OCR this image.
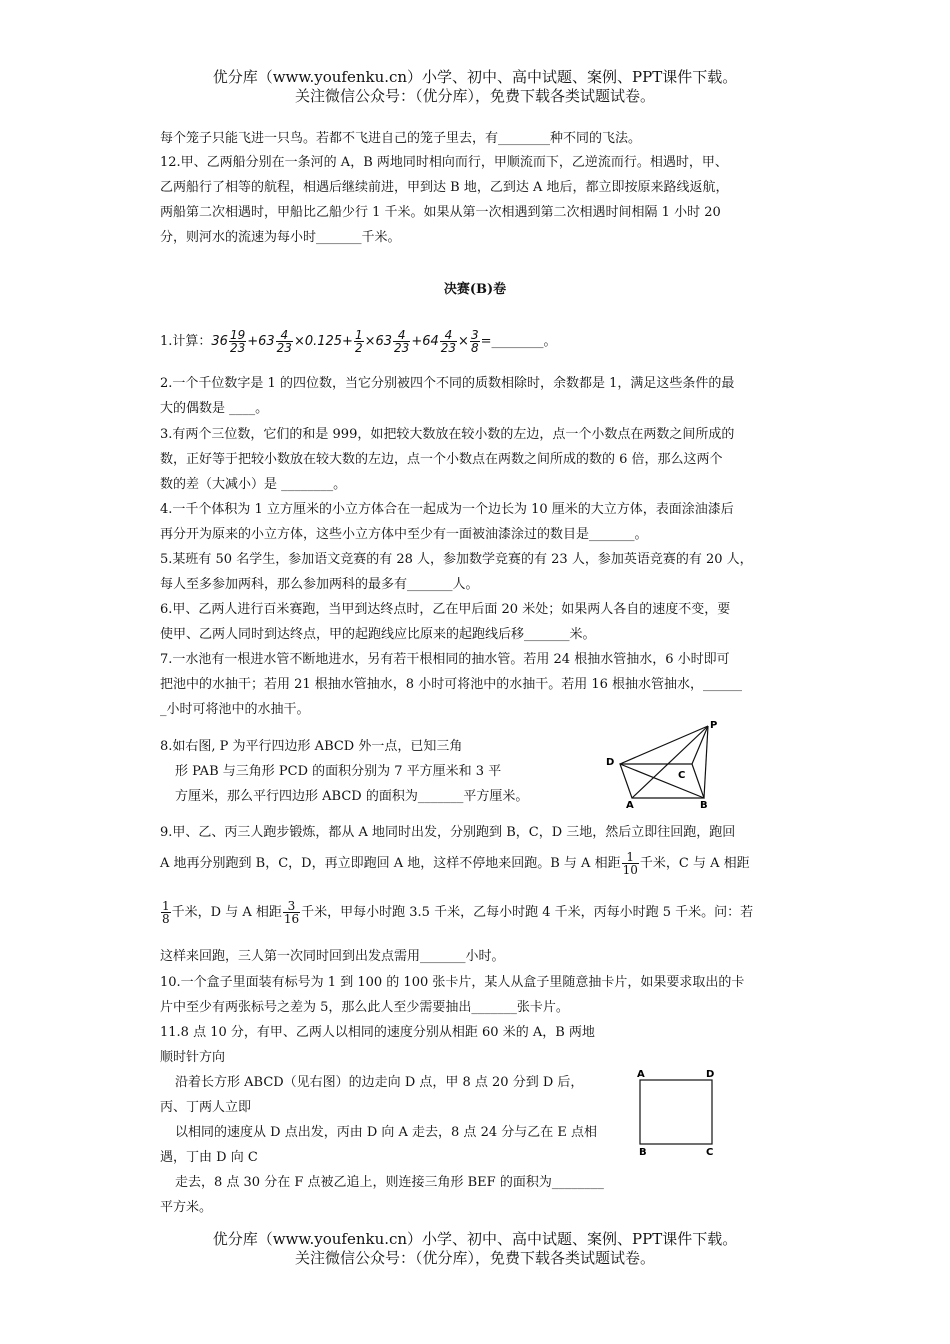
优分库（www.youfenku.cn）小学、初中、高中试题、案例、PPT课件下载。
关注微信公众号：（优分库），免费下载各类试题试卷。
每个笼子只能飞进一只鸟。若都不飞进自己的笼子里去，有________种不同的飞法。
12.甲、乙两船分别在一条河的 A，B 两地同时相向而行，甲顺流而下，乙逆流而行。相遇时，甲、
乙两船行了相等的航程，相遇后继续前进，甲到达 B 地，乙到达 A 地后，都立即按原来路线返航，
两船第二次相遇时，甲船比乙船少行 1 千米。如果从第一次相遇到第二次相遇时间相隔 1 小时 20
分，则河水的流速为每小时_______千米。
决赛(B)卷
1.计算：$36 \frac{19}{23} +63 \frac{4}{23} \times 0.125+ \frac{1}{2} \times 63 \frac{4}{23} +64 \frac{4}{23} \times \frac{3}{8}$ =________。
2.一个千位数字是 1 的四位数，当它分别被四个不同的质数相除时，余数都是 1，满足这些条件的最
大的偶数是 ____。
3.有两个三位数，它们的和是 999，如把较大数放在较小数的左边，点一个小数点在两数之间所成的
数，正好等于把较小数放在较大数的左边，点一个小数点在两数之间所成的数的 6 倍，那么这两个
数的差（大减小）是 ________。
4.一千个体积为 1 立方厘米的小立方体合在一起成为一个边长为 10 厘米的大立方体，表面涂油漆后
再分开为原来的小立方体，这些小立方体中至少有一面被油漆涂过的数目是_______。
5.某班有 50 名学生，参加语文竞赛的有 28 人，参加数学竞赛的有 23 人，参加英语竞赛的有 20 人，
每人至多参加两科，那么参加两科的最多有_______人。
6.甲、乙两人进行百米赛跑，当甲到达终点时，乙在甲后面 20 米处；如果两人各自的速度不变，要
使甲、乙两人同时到达终点，甲的起跑线应比原来的起跑线后移_______米。
7.一水池有一根进水管不断地进水，另有若干根相同的抽水管。若用 24 根抽水管抽水，6 小时即可
把池中的水抽干；若用 21 根抽水管抽水，8 小时可将池中的水抽干。若用 16 根抽水管抽水，______
_小时可将池中的水抽干。
8.如右图, P 为平行四边形 ABCD 外一点，已知三角
形 PAB 与三角形 PCD 的面积分别为 7 平方厘米和 3 平
方厘米，那么平行四边形 ABCD 的面积为_______平方厘米。
P
D
C
A	B
9.甲、乙、丙三人跑步锻炼，都从 A 地同时出发，分别跑到 B，C，D 三地，然后立即往回跑，跑回
A 地再分别跑到 B，C，D，再立即跑回 A 地，这样不停地来回跑。B 与 A 相距 $\frac{1}{10}$ 千米，C 与 A 相距
$\frac{1}{8}$ 千米，D 与 A 相距 $\frac{3}{16}$ 千米，甲每小时跑 3.5 千米，乙每小时跑 4 千米，丙每小时跑 5 千米。问：若
这样来回跑，三人第一次同时回到出发点需用_______小时。
10.一个盒子里面装有标号为 1 到 100 的 100 张卡片，某人从盒子里随意抽卡片，如果要求取出的卡
片中至少有两张标号之差为 5，那么此人至少需要抽出_______张卡片。
11.8 点 10 分，有甲、乙两人以相同的速度分别从相距 60 米的 A，B 两地
顺时针方向
沿着长方形 ABCD（见右图）的边走向 D 点，甲 8 点 20 分到 D 后，
丙、丁两人立即
以相同的速度从 D 点出发，丙由 D 向 A 走去，8 点 24 分与乙在 E 点相
遇，丁由 D 向 C
走去，8 点 30 分在 F 点被乙追上，则连接三角形 BEF 的面积为________
平方米。
A	D
B	C
优分库（www.youfenku.cn）小学、初中、高中试题、案例、PPT课件下载。
关注微信公众号：（优分库），免费下载各类试题试卷。
